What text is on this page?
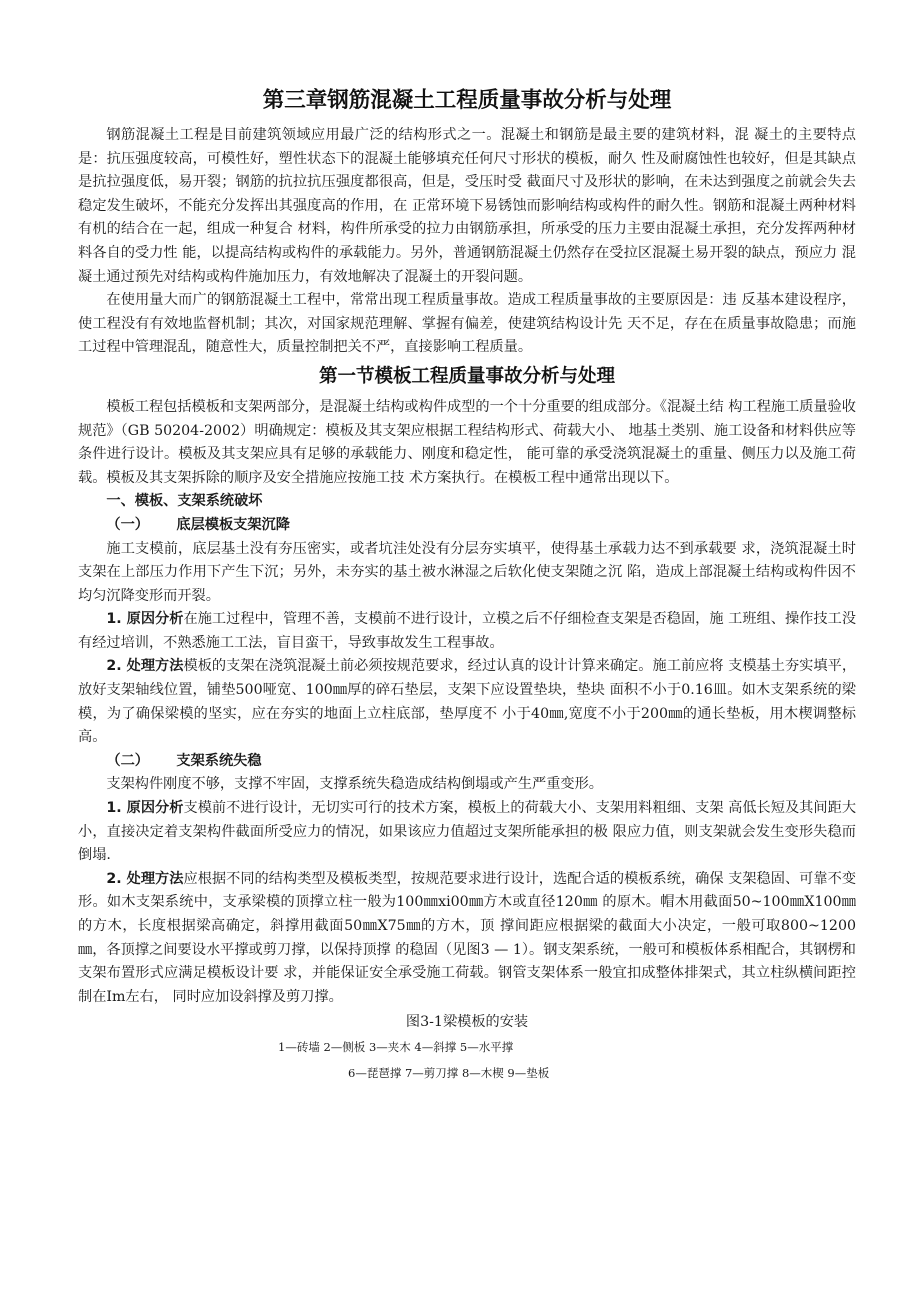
第三章钢筋混凝土工程质量事故分析与处理

钢筋混凝土工程是目前建筑领域应用最广泛的结构形式之一。混凝土和钢筋是最主要的建筑材料，混 凝土的主要特点是：抗压强度较高，可模性好，塑性状态下的混凝土能够填充任何尺寸形状的模板，耐久 性及耐腐蚀性也较好，但是其缺点是抗拉强度低，易开裂；钢筋的抗拉抗压强度都很高，但是，受压时受 截面尺寸及形状的影响，在未达到强度之前就会失去稳定发生破坏，不能充分发挥出其强度高的作用，在 正常环境下易锈蚀而影响结构或构件的耐久性。钢筋和混凝土两种材料有机的结合在一起，组成一种复合 材料，构件所承受的拉力由钢筋承担，所承受的压力主要由混凝土承担，充分发挥两种材料各自的受力性 能，以提高结构或构件的承载能力。另外，普通钢筋混凝土仍然存在受拉区混凝土易开裂的缺点，预应力 混凝土通过预先对结构或构件施加压力，有效地解决了混凝土的开裂问题。

在使用量大而广的钢筋混凝土工程中，常常出现工程质量事故。造成工程质量事故的主要原因是：违 反基本建设程序，使工程没有有效地监督机制；其次，对国家规范理解、掌握有偏差，使建筑结构设计先 天不足，存在在质量事故隐患；而施工过程中管理混乱，随意性大，质量控制把关不严，直接影响工程质量。

第一节模板工程质量事故分析与处理

模板工程包括模板和支架两部分，是混凝土结构或构件成型的一个十分重要的组成部分。《混凝土结 构工程施工质量验收规范》（GB 50204-2002）明确规定：模板及其支架应根据工程结构形式、荷载大小、 地基土类别、施工设备和材料供应等条件进行设计。模板及其支架应具有足够的承载能力、刚度和稳定性， 能可靠的承受浇筑混凝土的重量、侧压力以及施工荷载。模板及其支架拆除的顺序及安全措施应按施工技 术方案执行。在模板工程中通常出现以下。

一、模板、支架系统破坏
（一） 底层模板支架沉降

施工支模前，底层基土没有夯压密实，或者坑洼处没有分层夯实填平，使得基土承载力达不到承载要 求，浇筑混凝土时支架在上部压力作用下产生下沉；另外，未夯实的基土被水淋湿之后软化使支架随之沉 陷，造成上部混凝土结构或构件因不均匀沉降变形而开裂。

1. 原因分析在施工过程中，管理不善，支模前不进行设计，立模之后不仔细检查支架是否稳固，施 工班组、操作技工没有经过培训，不熟悉施工工法，盲目蛮干，导致事故发生工程事故。

2. 处理方法模板的支架在浇筑混凝土前必须按规范要求，经过认真的设计计算来确定。施工前应将 支模基土夯实填平，放好支架轴线位置，铺垫500哑宽、100㎜厚的碎石垫层，支架下应设置垫块，垫块 面积不小于0.16皿。如木支架系统的梁模，为了确保梁模的坚实，应在夯实的地面上立柱底部，垫厚度不 小于40㎜,宽度不小于200㎜的通长垫板，用木楔调整标高。

（二） 支架系统失稳

支架构件刚度不够，支撑不牢固，支撑系统失稳造成结构倒塌或产生严重变形。

1. 原因分析支模前不进行设计，无切实可行的技术方案，模板上的荷载大小、支架用料粗细、支架 高低长短及其间距大小，直接决定着支架构件截面所受应力的情况，如果该应力值超过支架所能承担的极 限应力值，则支架就会发生变形失稳而倒塌.

2. 处理方法应根据不同的结构类型及模板类型，按规范要求进行设计，选配合适的模板系统，确保 支架稳固、可靠不变形。如木支架系统中，支承梁模的顶撑立柱一般为100㎜xi00㎜方木或直径120㎜ 的原木。帽木用截面50~100㎜X100㎜的方木，长度根据梁高确定，斜撑用截面50㎜X75㎜的方木，顶 撑间距应根据梁的截面大小决定，一般可取800~1200㎜，各顶撑之间要设水平撑或剪刀撑，以保持顶撑 的稳固（见图3 — 1）。钢支架系统，一般可和模板体系相配合，其钢楞和支架布置形式应满足模板设计要 求，并能保证安全承受施工荷载。钢管支架体系一般宜扣成整体排架式，其立柱纵横间距控制在Im左右， 同时应加设斜撑及剪刀撑。

图3-1梁模板的安装
1—砖墙 2—侧板 3—夹木 4—斜撑 5—水平撑
6—琵琶撑 7—剪刀撑 8—木楔 9—垫板
